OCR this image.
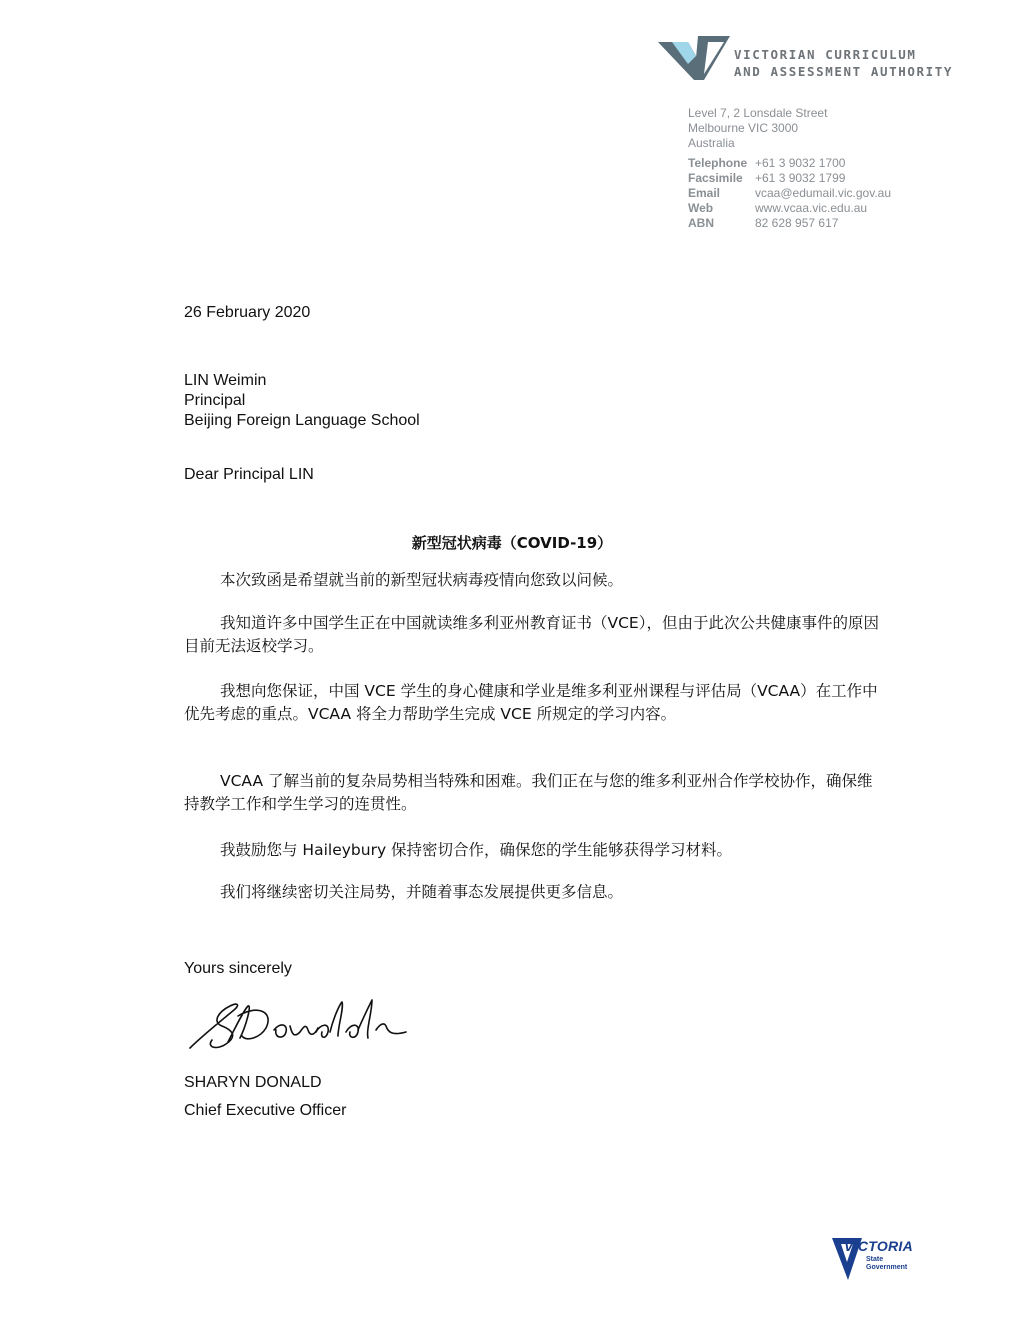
VICTORIAN CURRICULUM
AND ASSESSMENT AUTHORITY
Level 7, 2 Lonsdale Street
Melbourne VIC 3000
Australia
Telephone +61 3 9032 1700
Facsimile	+61 3 9032 1799
Email	vcaa@edumail.vic.gov.au
Web	www.vcaa.vic.edu.au
ABN	82 628 957 617
26 February 2020
LIN Weimin
Principal
Beijing Foreign Language School
Dear Principal LIN
新型冠状病毒（COVID-19）
本次致函是希望就当前的新型冠状病毒疫情向您致以问候。
我知道许多中国学生正在中国就读维多利亚州教育证书（VCE），但由于此次公共健康事件的原因目前无法返校学习。
我想向您保证，中国 VCE 学生的身心健康和学业是维多利亚州课程与评估局（VCAA）在工作中优先考虑的重点。VCAA 将全力帮助学生完成 VCE 所规定的学习内容。
VCAA 了解当前的复杂局势相当特殊和困难。我们正在与您的维多利亚州合作学校协作，确保维持教学工作和学生学习的连贯性。
我鼓励您与 Haileybury 保持密切合作，确保您的学生能够获得学习材料。
我们将继续密切关注局势，并随着事态发展提供更多信息。
Yours sincerely
SHARYN DONALD
Chief Executive Officer
VICTORIA
State
Government
